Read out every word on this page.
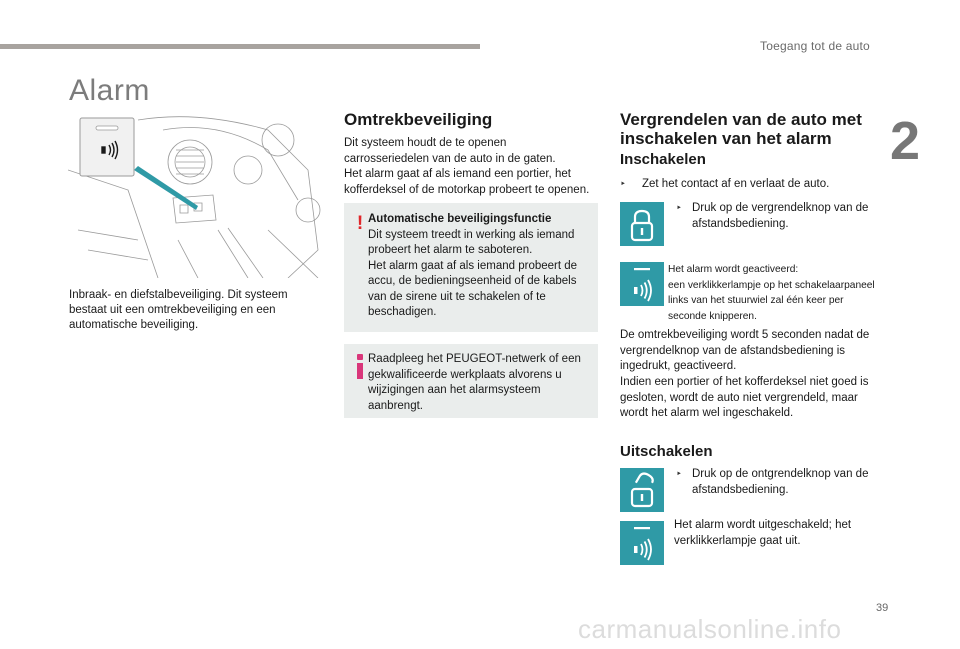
Toegang tot de auto
2
Alarm
Inbraak- en diefstalbeveiliging. Dit systeem bestaat uit een omtrekbeveiliging en een automatische beveiliging.
Omtrekbeveiliging
Dit systeem houdt de te openen carrosseriedelen van de auto in de gaten.
Het alarm gaat af als iemand een portier, het kofferdeksel of de motorkap probeert te openen.
! Automatische beveiligingsfunctie
Dit systeem treedt in werking als iemand probeert het alarm te saboteren.
Het alarm gaat af als iemand probeert de accu, de bedieningseenheid of de kabels van de sirene uit te schakelen of te beschadigen.
Raadpleeg het PEUGEOT-netwerk of een gekwalificeerde werkplaats alvorens u wijzigingen aan het alarmsysteem aanbrengt.
Vergrendelen van de auto met
inschakelen van het alarm
Inschakelen
‣ Zet het contact af en verlaat de auto.
‣ Druk op de vergrendelknop van de afstandsbediening.
Het alarm wordt geactiveerd:
een verklikkerlampje op het schakelaarpaneel links van het stuurwiel zal één keer per seconde knipperen.
De omtrekbeveiliging wordt 5 seconden nadat de vergrendelknop van de afstandsbediening is ingedrukt, geactiveerd.
Indien een portier of het kofferdeksel niet goed is gesloten, wordt de auto niet vergrendeld, maar wordt het alarm wel ingeschakeld.
Uitschakelen
‣ Druk op de ontgrendelknop van de afstandsbediening.
Het alarm wordt uitgeschakeld; het verklikkerlampje gaat uit.
39
carmanualsonline.info
